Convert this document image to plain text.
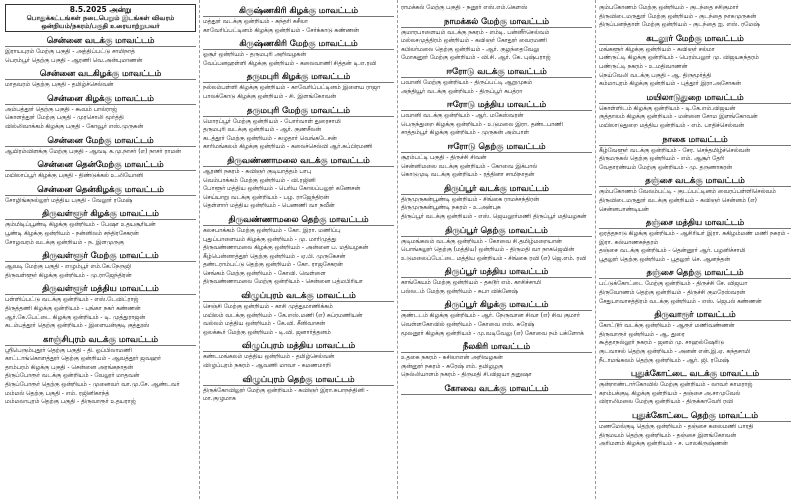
8.5.2025 அன்று
பொதுக்கட்டங்கள் நடைபெறும் இடங்கள் விவரம்
ஒன்றியம்/நகரம்/பகுதி உரையாற்றுபவர்
சென்னை வடக்கு மாவட்டம்
இராயபுரம் மேற்கு பகுதி - அத்திப்பட்டு சாமிநாத்
பெரம்பூர் தெற்கு பகுதி - ஆரணி வெ.அன்புமாணன்
சென்னை வடகிழக்கு மாவட்டம்
மாதவரம் தெற்கு பகுதி - தமிழ்ச்செல்வன்
சென்னை கிழக்கு மாவட்டம்
அம்பத்தூர் தெற்கு பகுதி - கூவம் பால்ராஜ்
கொளத்தூர் மேற்கு பகுதி - முரசொலி மூர்த்தி
வில்லிவாக்கம் கிழக்கு பகுதி - கோவூர் எஸ்.முருகன்
சென்னை மேற்கு மாவட்டம்
ஆயிரம்விளக்கு மேற்கு பகுதி - ஆவடி க.மு.நாசர் (எ) நாசர் ராமன்
சென்னை தென்மேற்கு மாவட்டம்
மயிலாப்பூர் கிழக்கு பகுதி - திண்டுக்கல் உ.லியோனி
சென்னை தென்கிழக்கு மாவட்டம்
சோழிங்கநல்லூர் மத்திய பகுதி - வேலூர் ரமேஷ்
திருவள்ளூர் கிழக்கு மாவட்டம்
கும்மிடிப்பூண்டி கிழக்கு ஒன்றியம் - பேஷா உதயசூரியன்
பூண்டி கிழக்கு ஒன்றியம் - நன்னிலம் சந்திரசேகரன்
சோழவரம் வடக்கு ஒன்றியம் - ந. இளமுருகு
திருவள்ளூர் மேற்கு மாவட்டம்
ஆவடி மேற்கு பகுதி - எழும்பூர் எம்.கே.நேருஜி
திருவள்ளூர் கிழக்கு ஒன்றியம் - மு.ராஜேந்திரன்
திருவள்ளூர் மத்திய மாவட்டம்
பள்ளிப்பட்டு வடக்கு ஒன்றியம் - எஸ்.டேவிட்ராஜ்
திருத்தணி கிழக்கு ஒன்றியம் - புங்கா நகர் கண்ணன்
ஆர்.கே.பேட்டை கிழக்கு ஒன்றியம் - டி. முத்துராஜன்
கடம்பத்தூர் தெற்கு ஒன்றியம் - இளையன்குடி குத்தூஸ்
காஞ்சிபுரம் வடக்கு மாவட்டம்
ஸ்ரீபெரும்புதூர் தெற்கு பகுதி - தி. ஓப்பிலாமணி
காட்டாங்கொளத்தூர் தெற்கு ஒன்றியம் - ஆவத்தூர் ஜவஹர்
தாம்பரம் கிழக்கு பகுதி - சென்னை அரங்கநாதன்
திருப்போரூர் வடக்கு ஒன்றியம் - வேலூர் மாதவன்
திருப்போரூர் தெற்கு ஒன்றியம் - முனைவர் வா.மு.சே. ஆண்டவர்
மம்மல் தெற்கு பகுதி - எம். ரஜினிகாந்த்
மம்மலாபுரம் தெற்கு பகுதி - திருவாரூர் உதயராஜ்
கிருஷ்ணகிரி கிழக்கு மாவட்டம்
மத்தூர் வடக்கு ஒன்றியம் - சுந்தரி சுசீலா
காவேரிப்பட்டினம் கிழக்கு ஒன்றியம் - சேர்க்காடு கண்ணன்
கிருஷ்ணகிரி மேற்கு மாவட்டம்
ஓசூர் ஒன்றியம் - தருமபுரி அறிவழகன்
வேப்பனஹள்ளி கிழக்கு ஒன்றியம் - கலைவாணி சித்தன் டி.எ.ரவி
தருமபுரி கிழக்கு மாவட்டம்
நல்லம்பள்ளி கிழக்கு ஒன்றியம் - காவேரிப்பட்டினம் இளைய ராஜா
பாலக்கோடு கிழக்கு ஒன்றியம் - சி. இளங்கோவன்
தருமபுரி மேற்கு மாவட்டம்
மொரப்பூர் மேற்கு ஒன்றியம் - போர்வாள் துரைசாமி
தருமபுரி வடக்கு ஒன்றியம் - ஆர். குணசீலன்
கடத்தூர் மேற்கு ஒன்றியம் - கழுதார் வெங்கடேசன்
காரிமங்கலம் கிழக்கு ஒன்றியம் - கலைச்செல்வி ஆர்.சுப்பிரமணி
திருவண்ணாமலை வடக்கு மாவட்டம்
ஆரணி நகரம் - கவிஞர் குடியாத்தம் பாபு
வெம்பாக்கம் மேற்கு ஒன்றியம் - வி.ரஜினி
போளூர் மத்திய ஒன்றியம் - பெரிய கோலப்பலூர் கணேசன்
செய்யாறு வடக்கு ஒன்றியம் - பழ. ராஜேந்திரன்
தெள்ளார் மத்திய ஒன்றியம் - பெணணி வா நவீன்
திருவண்ணாமலை தெற்கு மாவட்டம்
கலசபாக்கம் மேற்கு ஒன்றியம் - கோ. இரா. மணிப்பு
புதுப்பாளையம் கிழக்கு ஒன்றியம் - மு. மாரிமுத்து
திருவண்ணாமலை கிழக்கு ஒன்றியம் - அன்னை ப. மதியழகன்
கீழ்பென்னாத்தூர் தெற்கு ஒன்றியம் - ஏ.பி. முருகேசன்
தண்டராம்பட்டு தெற்கு ஒன்றியம் - கோ. ராஜசேகரன்
செங்கம் மேற்கு ஒன்றியம் - கோவி. வெள்ளை
திருவண்ணாமலை மேற்கு ஒன்றியம் - சென்னை பத்மபிரியா
விழுப்புரம் வடக்கு மாவட்டம்
செஞ்சி மேற்கு ஒன்றியம் - காசி முத்துமாணிக்கம்
மயிலம் வடக்கு ஒன்றியம் - கே.எஸ்.மணி (எ) சுப்ரமணியன்
வல்லம் மத்திய ஒன்றியம் - கே.வி. சீனிவாசன்
ஒலக்கூர் மேற்கு ஒன்றியம் - டி.வி. ஜனார்த்தனம்
விழுப்புரம் மத்திய மாவட்டம்
கண்டமங்கலம் மத்திய ஒன்றியம் - தமிழ்செல்வன்
விழுப்புரம் நகரம் - ஆவணி மாவா - கமணமாறி
விழுப்புரம் தெற்கு மாவட்டம்
திருக்கோவிலூர் மேற்கு ஒன்றியம் - கவிஞர் இரா.சுபாநந்தினி - மா.குழுமாக
ராமக்கல் மேற்கு பகுதி - நனூர் எஸ்.எம்.கௌஸ்
நாமக்கல் மேற்கு மாவட்டம்
குமாரபாளையம் வடக்கு நகரம் - எம்டி. பன்னீர்செல்வம்
மல்லசமுத்திரம் ஒன்றியம் - கவிஞர் கோதூர் வைரமணி
கபிலர்மலை தெற்கு ஒன்றியம் - ஆர். குழந்தைவேலு
மோகனூர் மேற்கு ஒன்றியம் - வி.சி. ஆர். கே. புஷ்பராஜ்
ஈரோடு வடக்கு மாவட்டம்
பவானி மேற்கு ஒன்றியம் - திருப்பட்டி ஆறுமுகம்
அந்தியூர் வடக்கு ஒன்றியம் - திருப்பூர் சுபத்ரா
ஈரோடு மத்திய மாவட்டம்
பவானி வடக்கு ஒன்றியம் - ஆர். மகேஸ்வரன்
பெருந்துறை கிழக்கு ஒன்றியம் - உடுமலை இரா. தண்டபாணி
சாத்தம்பூர் கிழக்கு ஒன்றியம் - முருகன் அம்பாள்
ஈரோடு தெற்கு மாவட்டம்
சூரம்பட்டி பகுதி - திருச்சி சிவன்
சென்னிமலை வடக்கு ஒன்றியம் - கோவை இக்பால்
கொடுமுடி வடக்கு ஒன்றியம் - ரத்தினா சாமிநாதன்
திருப்பூர் வடக்கு மாவட்டம்
திருமுருகன்பூண்டி ஒன்றியம் - சிங்கை ராமச்சந்திரன்
திருமுருகன்பூண்டி நகரம் - உ.அன்புசு
திருப்பூர் வடக்கு ஒன்றியம் - எஸ். ஜெயலூர்மணி திருப்பூர் மதியழகன்
திருப்பூர் தெற்கு மாவட்டம்
குடிமங்கலம் வடக்கு ஒன்றியம் - கோவை சி.தமிழ்மறையான்
பொங்கலூர் தெற்கு (மத்திய) ஒன்றியம் - திருமதி வா நாகஜெயின்
உடுமலைப்பேட்டை மத்திய ஒன்றியம் - சிங்கை ரவி (எ) ஜெ.எம். ரவி
திருப்பூர் மத்திய மாவட்டம்
காங்கேயம் மேற்கு ஒன்றியம் - தகடூர் எம். காசிச்சாமி
பல்லடம் மேற்கு ஒன்றியம் - சுபா விக்னேஷ்
திருப்பூர் கிழக்கு மாவட்டம்
குண்டடம் கிழக்கு ஒன்றியம் - ஆர். நேருவான சிவா (எ) சிவ குமார்
வெள்ளகோவில் ஒன்றியம் - கோவை எஸ். சுரேஷ்
மூலனூர் கிழக்கு ஒன்றியம் - மு.வடிவேலு (எ) கோவை நம் பக்ளோக்
நீலகிரி மாவட்டம்
உதகை நகரம் - சுசிலாஎன் அறிவழகன்
குன்னூர் நகரம் - சுரேஷ் எம். தமிழழகு
நெல்லியாளம் நகரம் - திருமதி சி.விஜயா தனுஷா
கோவை வடக்கு மாவட்டம்
கும்பகோணம் மேற்கு ஒன்றியம் - குடந்தை சசிகுமார்
திருவிடைமருதூர் மேற்கு ஒன்றியம் - குடந்தை நாகமுருகன்
திருப்பனந்தாள் மேற்கு ஒன்றியம் - குடந்தை ஐ. எஸ். ரமேஷ்
கடலூர் மேற்கு மாவட்டம்
மங்களூர் கிழக்கு ஒன்றியம் - கவிஞர் சல்மா
பண்ருட்டி கிழக்கு ஒன்றியம் - பெரம்பலூர் மு. விஜயசுந்தரம்
பண்ருட்டி நகரம் - உ.மதிவாணன்
நெய்வேலி வடக்கு பகுதி - ஆ. திருமூர்த்தி
கம்மாபுரம் கிழக்கு ஒன்றியம் - புத்தூர் இரா.அசோகன்
மயிலாடுதுறை மாவட்டம்
கொள்ளிடம் கிழக்கு ஒன்றியம் - டி.கே.எம்.விஜயன்
குத்தாலம் கிழக்கு ஒன்றியம் - மன்னை சோம இளங்கோவன்
மயிலாடுதுறை மத்திய ஒன்றியம் - எம். பாதிச்செல்வன்
நாகை மாவட்டம்
கீழ்வேளூர் வடக்கு ஒன்றியம் - சேர. செந்தமிழ்ச்செல்வன்
திருமருகல் தெற்கு ஒன்றியம் - எம். ஆசூர் தேரி
வேதாரண்யம் மேற்கு ஒன்றியம் - மு. தருணாகரன்
தஞ்சை வடக்கு மாவட்டம்
கும்பகோணம் வேலம்பட்டி - குடப்பட்டினம் வைரப்பள்ளிசெல்வம்
திருவிடைமருதூர் வடக்கு ஒன்றியம் - கவிஞர் சென்னம் (எ) சென்னபாண்டியன்
தஞ்சை மத்திய மாவட்டம்
ஒரத்தநாடு கிழக்கு ஒன்றியம் - ஆசிரியர் இரா. சுகிழம்மண் மணி நகரம் - இரா. கல்யாணசுந்தரம்
தஞ்சை வடக்கு ஒன்றியம் - தென்னூர் ஆர். பழனிச்சாமி
பூதலூர் தெற்கு ஒன்றியம் - பூதலூர் செ. ஆனந்தன்
தஞ்சை தெற்கு மாவட்டம்
பட்டுக்கோட்டை மேற்கு ஒன்றியம் - திருச்சி சே. விஜயா
திருவோணம் தெற்கு ஒன்றியம் - திருச்சி குமரேஸ்வரன்
சேதுபாவாசத்திரம் வடக்கு ஒன்றியம் - எஸ். ஜெபல் கண்ணன்
திருவாரூர் மாவட்டம்
கோட்டூர் வடக்கு ஒன்றியம் - ஆரூர் மணிவண்ணன்
திருவாரூர் ஒன்றியம் - ஆ. துரை
கூத்தாநல்லூர் நகரம் - ஜனம் மு. சாஹல்ஷேரிடு
குடவாசல் தெற்கு ஒன்றியம் - அனன் என்.இ.ஏ. கந்தசாமி
நீடாமங்கலம் தெற்கு ஒன்றியம் - ஆர். ஜி. ரமேஷ்
புதுக்கோட்டை வடக்கு மாவட்டம்
குன்றாண்டார்கோவில் மேற்கு ஒன்றியம் - லாவர் காமராஜ்
கறம்பக்குடி கிழக்கு ஒன்றியம் - தஞ்சை அ.சாமுவேல்
விராலிமலை மேற்கு ஒன்றியம் - திருக்காவேரி ரவி
புதுக்கோட்டை தெற்கு மாவட்டம்
மணமேல்குடி தெற்கு ஒன்றியம் - தஞ்சை கலைமணி பாரதி
திருமயம் தெற்கு ஒன்றியம் - தஞ்சை இளங்கோவன்
அரிமளம் கிழக்கு ஒன்றியம் - ச. பாலகிருஷ்ணன்
